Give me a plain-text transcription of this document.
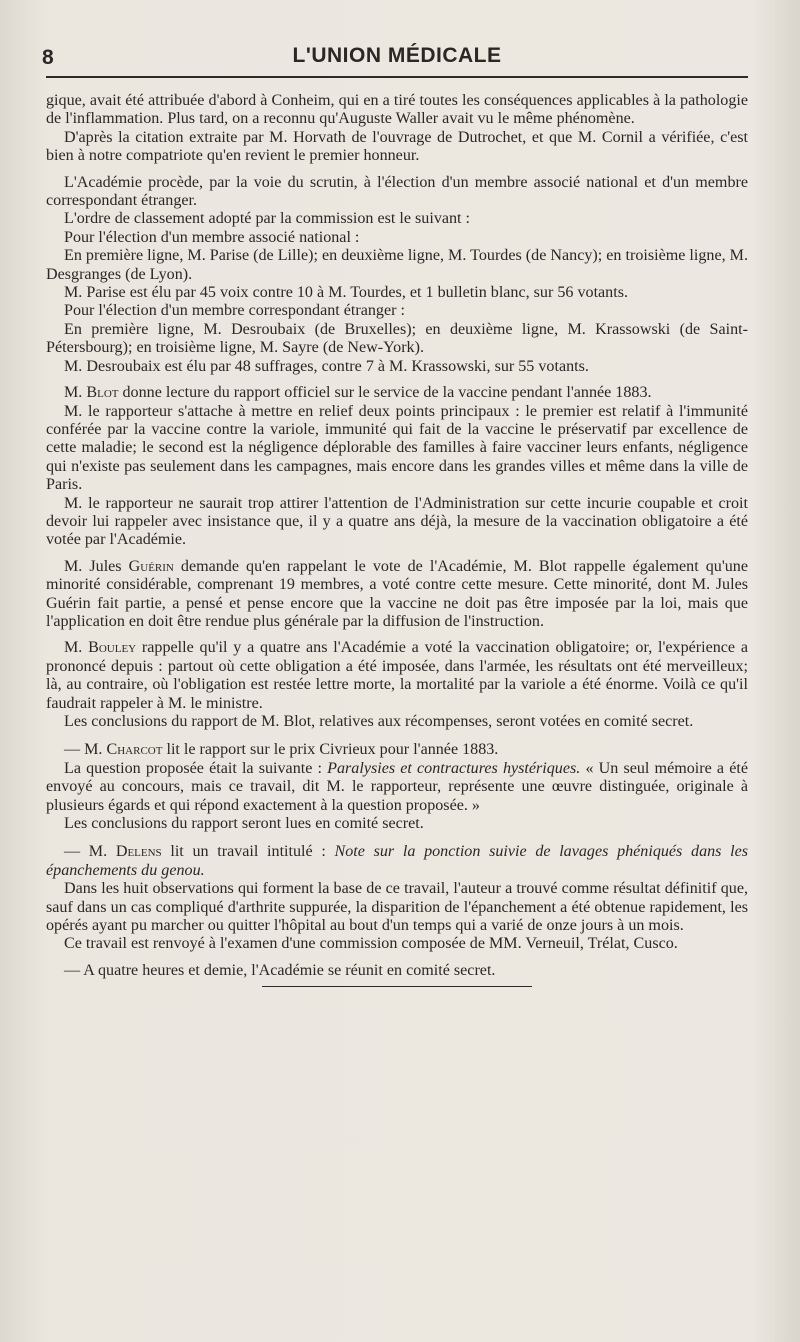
8	L'UNION MÉDICALE

gique, avait été attribuée d'abord à Conheim, qui en a tiré toutes les conséquences applicables à la pathologie de l'inflammation. Plus tard, on a reconnu qu'Auguste Waller avait vu le même phénomène.

D'après la citation extraite par M. Horvath de l'ouvrage de Dutrochet, et que M. Cornil a vérifiée, c'est bien à notre compatriote qu'en revient le premier honneur.

L'Académie procède, par la voie du scrutin, à l'élection d'un membre associé national et d'un membre correspondant étranger.

L'ordre de classement adopté par la commission est le suivant :

Pour l'élection d'un membre associé national :

En première ligne, M. Parise (de Lille); en deuxième ligne, M. Tourdes (de Nancy); en troisième ligne, M. Desgranges (de Lyon).

M. Parise est élu par 45 voix contre 10 à M. Tourdes, et 1 bulletin blanc, sur 56 votants.

Pour l'élection d'un membre correspondant étranger :

En première ligne, M. Desroubaix (de Bruxelles); en deuxième ligne, M. Krassowski (de Saint-Pétersbourg); en troisième ligne, M. Sayre (de New-York).

M. Desroubaix est élu par 48 suffrages, contre 7 à M. Krassowski, sur 55 votants.

M. Blot donne lecture du rapport officiel sur le service de la vaccine pendant l'année 1883.

M. le rapporteur s'attache à mettre en relief deux points principaux : le premier est relatif à l'immunité conférée par la vaccine contre la variole, immunité qui fait de la vaccine le préservatif par excellence de cette maladie; le second est la négligence déplorable des familles à faire vacciner leurs enfants, négligence qui n'existe pas seulement dans les campagnes, mais encore dans les grandes villes et même dans la ville de Paris.

M. le rapporteur ne saurait trop attirer l'attention de l'Administration sur cette incurie coupable et croit devoir lui rappeler avec insistance que, il y a quatre ans déjà, la mesure de la vaccination obligatoire a été votée par l'Académie.

M. Jules Guérin demande qu'en rappelant le vote de l'Académie, M. Blot rappelle également qu'une minorité considérable, comprenant 19 membres, a voté contre cette mesure. Cette minorité, dont M. Jules Guérin fait partie, a pensé et pense encore que la vaccine ne doit pas être imposée par la loi, mais que l'application en doit être rendue plus générale par la diffusion de l'instruction.

M. Bouley rappelle qu'il y a quatre ans l'Académie a voté la vaccination obligatoire; or, l'expérience a prononcé depuis : partout où cette obligation a été imposée, dans l'armée, les résultats ont été merveilleux; là, au contraire, où l'obligation est restée lettre morte, la mortalité par la variole a été énorme. Voilà ce qu'il faudrait rappeler à M. le ministre.

Les conclusions du rapport de M. Blot, relatives aux récompenses, seront votées en comité secret.

— M. Charcot lit le rapport sur le prix Civrieux pour l'année 1883.

La question proposée était la suivante : Paralysies et contractures hystériques. « Un seul mémoire a été envoyé au concours, mais ce travail, dit M. le rapporteur, représente une œuvre distinguée, originale à plusieurs égards et qui répond exactement à la question proposée. »

Les conclusions du rapport seront lues en comité secret.

— M. Delens lit un travail intitulé : Note sur la ponction suivie de lavages phéniqués dans les épanchements du genou.

Dans les huit observations qui forment la base de ce travail, l'auteur a trouvé comme résultat définitif que, sauf dans un cas compliqué d'arthrite suppurée, la disparition de l'épanchement a été obtenue rapidement, les opérés ayant pu marcher ou quitter l'hôpital au bout d'un temps qui a varié de onze jours à un mois.

Ce travail est renvoyé à l'examen d'une commission composée de MM. Verneuil, Trélat, Cusco.

— A quatre heures et demie, l'Académie se réunit en comité secret.
